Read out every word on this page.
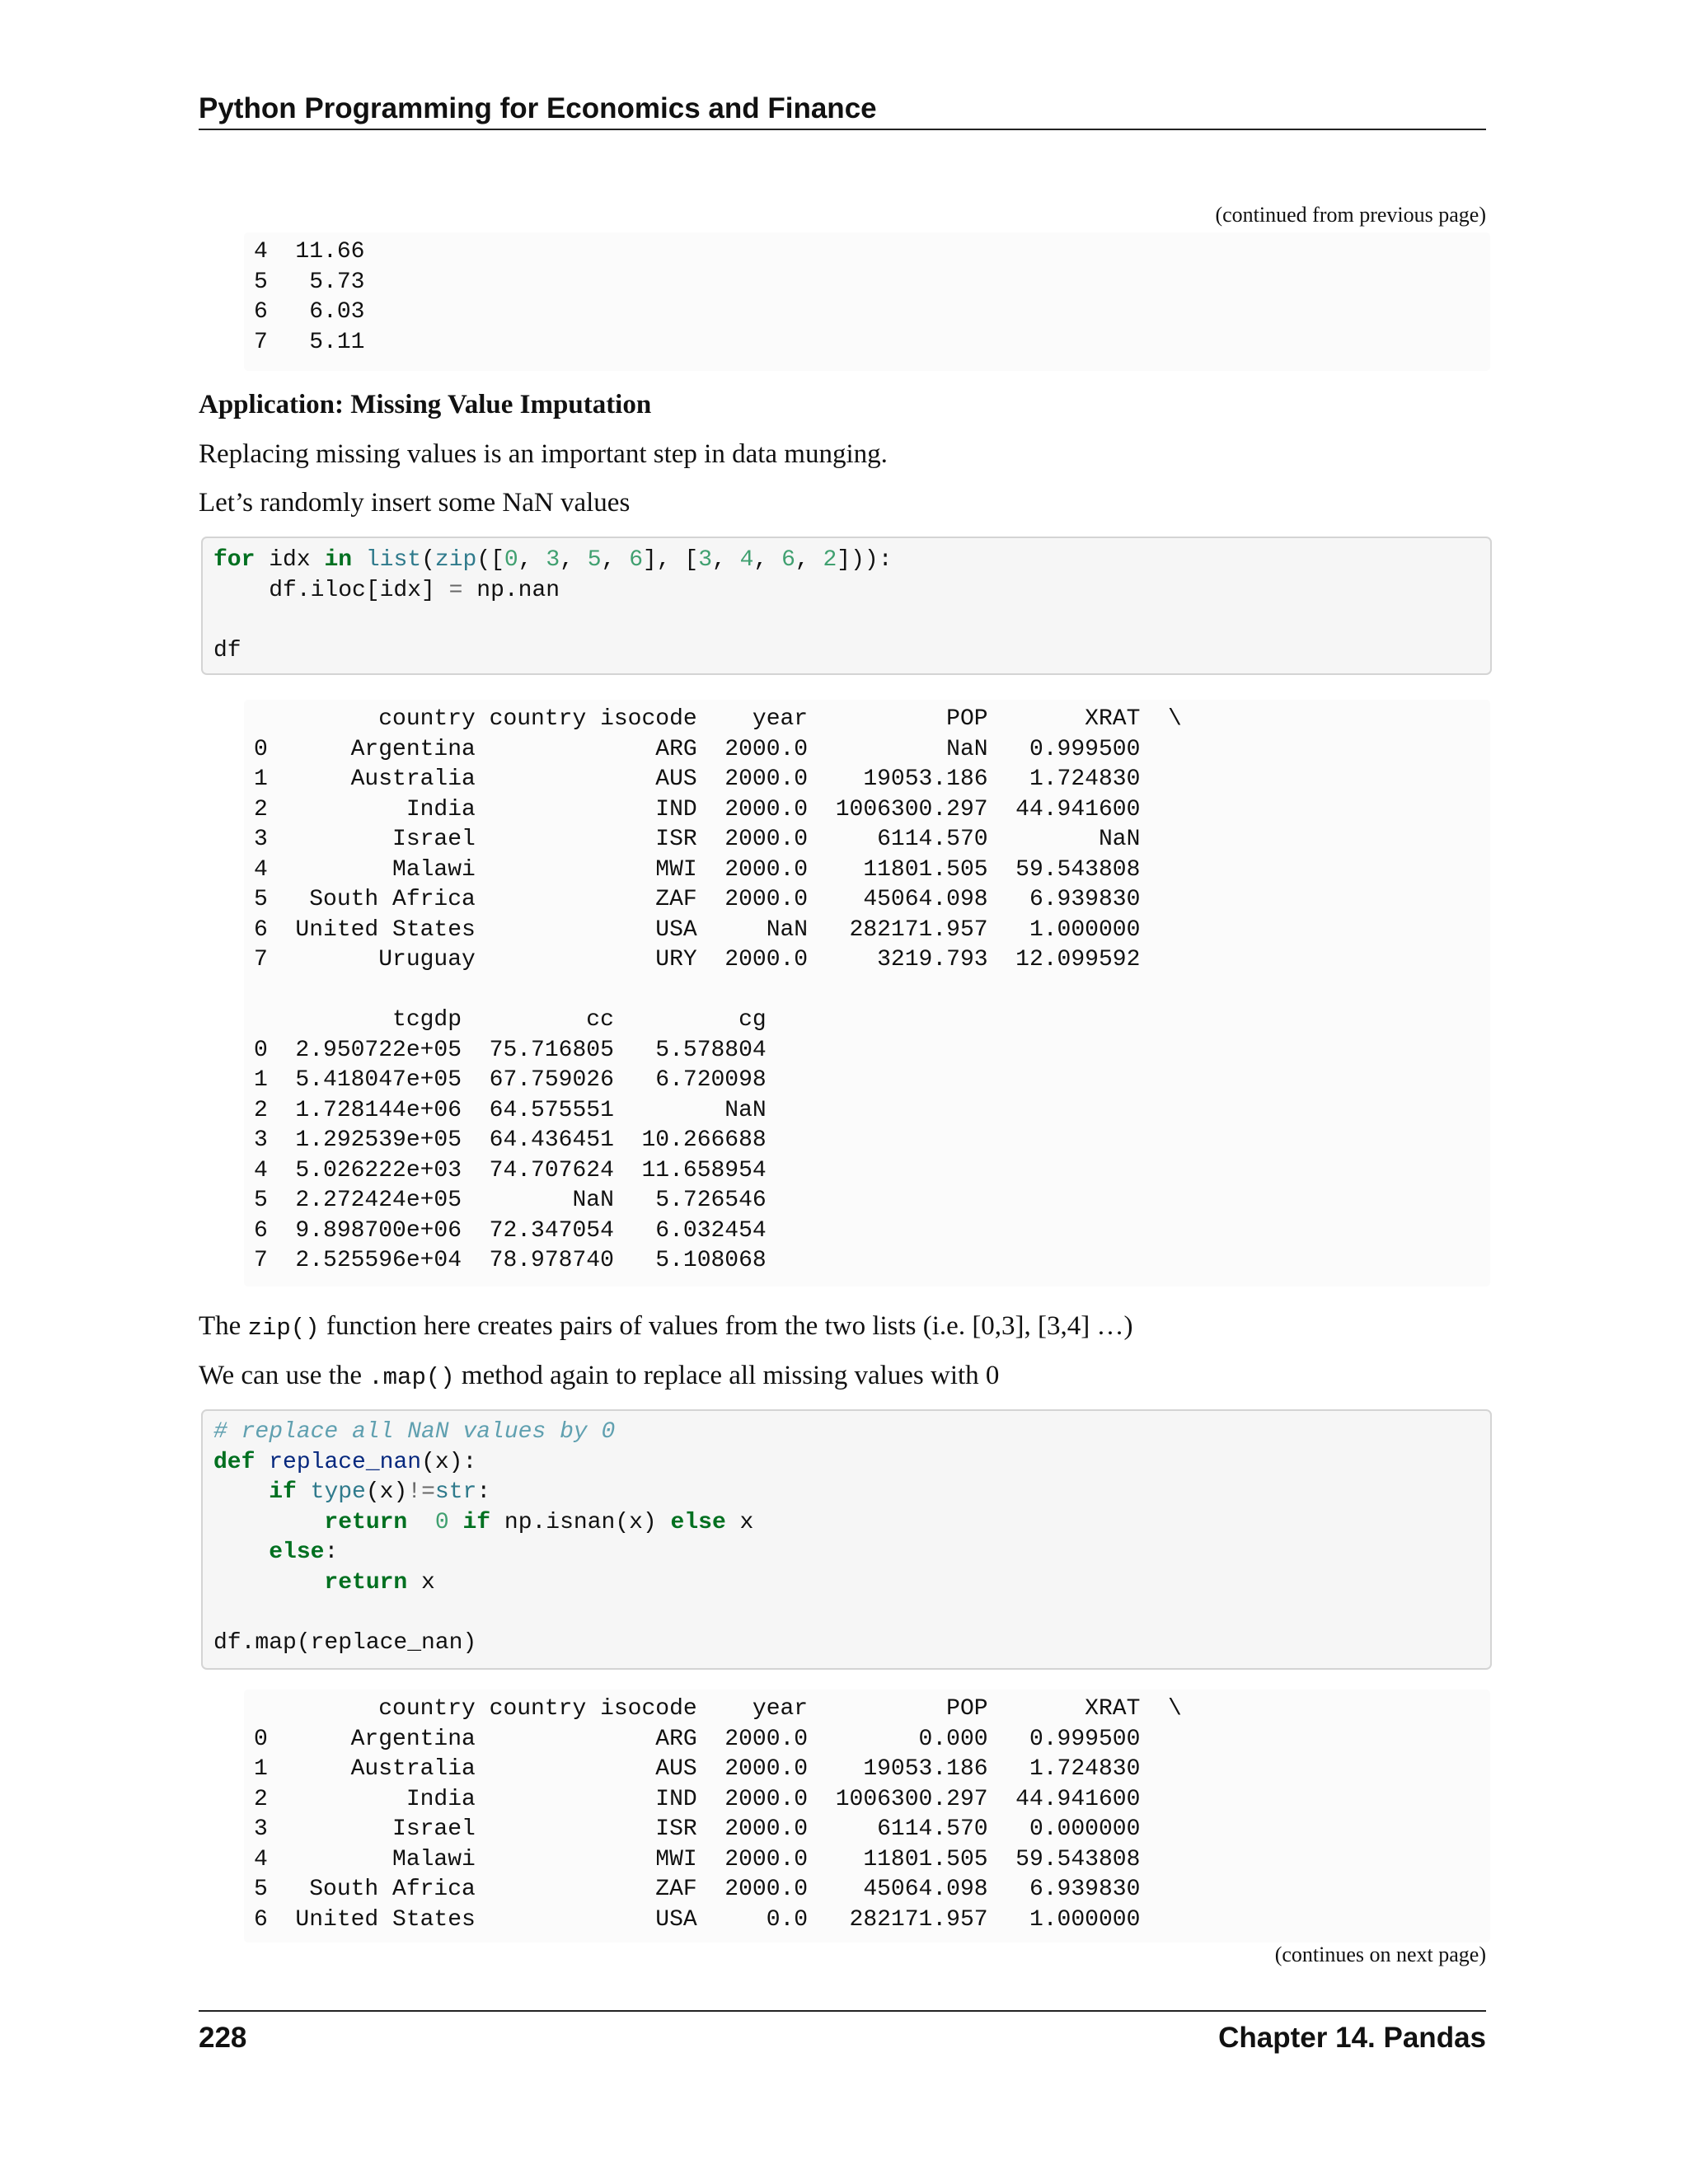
Python Programming for Economics and Finance
(continued from previous page)
4  11.66
5   5.73
6   6.03
7   5.11
Application: Missing Value Imputation
Replacing missing values is an important step in data munging.
Let’s randomly insert some NaN values
for idx in list(zip([0, 3, 5, 6], [3, 4, 6, 2])):
df.iloc[idx] = np.nan

df
country country isocode    year          POP       XRAT  \
0      Argentina             ARG  2000.0          NaN   0.999500
1      Australia             AUS  2000.0    19053.186   1.724830
2          India             IND  2000.0  1006300.297  44.941600
3         Israel             ISR  2000.0     6114.570        NaN
4         Malawi             MWI  2000.0    11801.505  59.543808
5   South Africa             ZAF  2000.0    45064.098   6.939830
6  United States             USA     NaN   282171.957   1.000000
7        Uruguay             URY  2000.0     3219.793  12.099592

tcgdp         cc         cg
0  2.950722e+05  75.716805   5.578804
1  5.418047e+05  67.759026   6.720098
2  1.728144e+06  64.575551        NaN
3  1.292539e+05  64.436451  10.266688
4  5.026222e+03  74.707624  11.658954
5  2.272424e+05        NaN   5.726546
6  9.898700e+06  72.347054   6.032454
7  2.525596e+04  78.978740   5.108068
The zip() function here creates pairs of values from the two lists (i.e. [0,3], [3,4] …)
We can use the .map() method again to replace all missing values with 0
# replace all NaN values by 0
def replace_nan(x):
if type(x)!=str:
return 0 if np.isnan(x) else x
else:
return x

df.map(replace_nan)
country country isocode    year          POP       XRAT  \
0      Argentina             ARG  2000.0        0.000   0.999500
1      Australia             AUS  2000.0    19053.186   1.724830
2          India             IND  2000.0  1006300.297  44.941600
3         Israel             ISR  2000.0     6114.570   0.000000
4         Malawi             MWI  2000.0    11801.505  59.543808
5   South Africa             ZAF  2000.0    45064.098   6.939830
6  United States             USA     0.0   282171.957   1.000000
(continues on next page)
228	Chapter 14. Pandas
